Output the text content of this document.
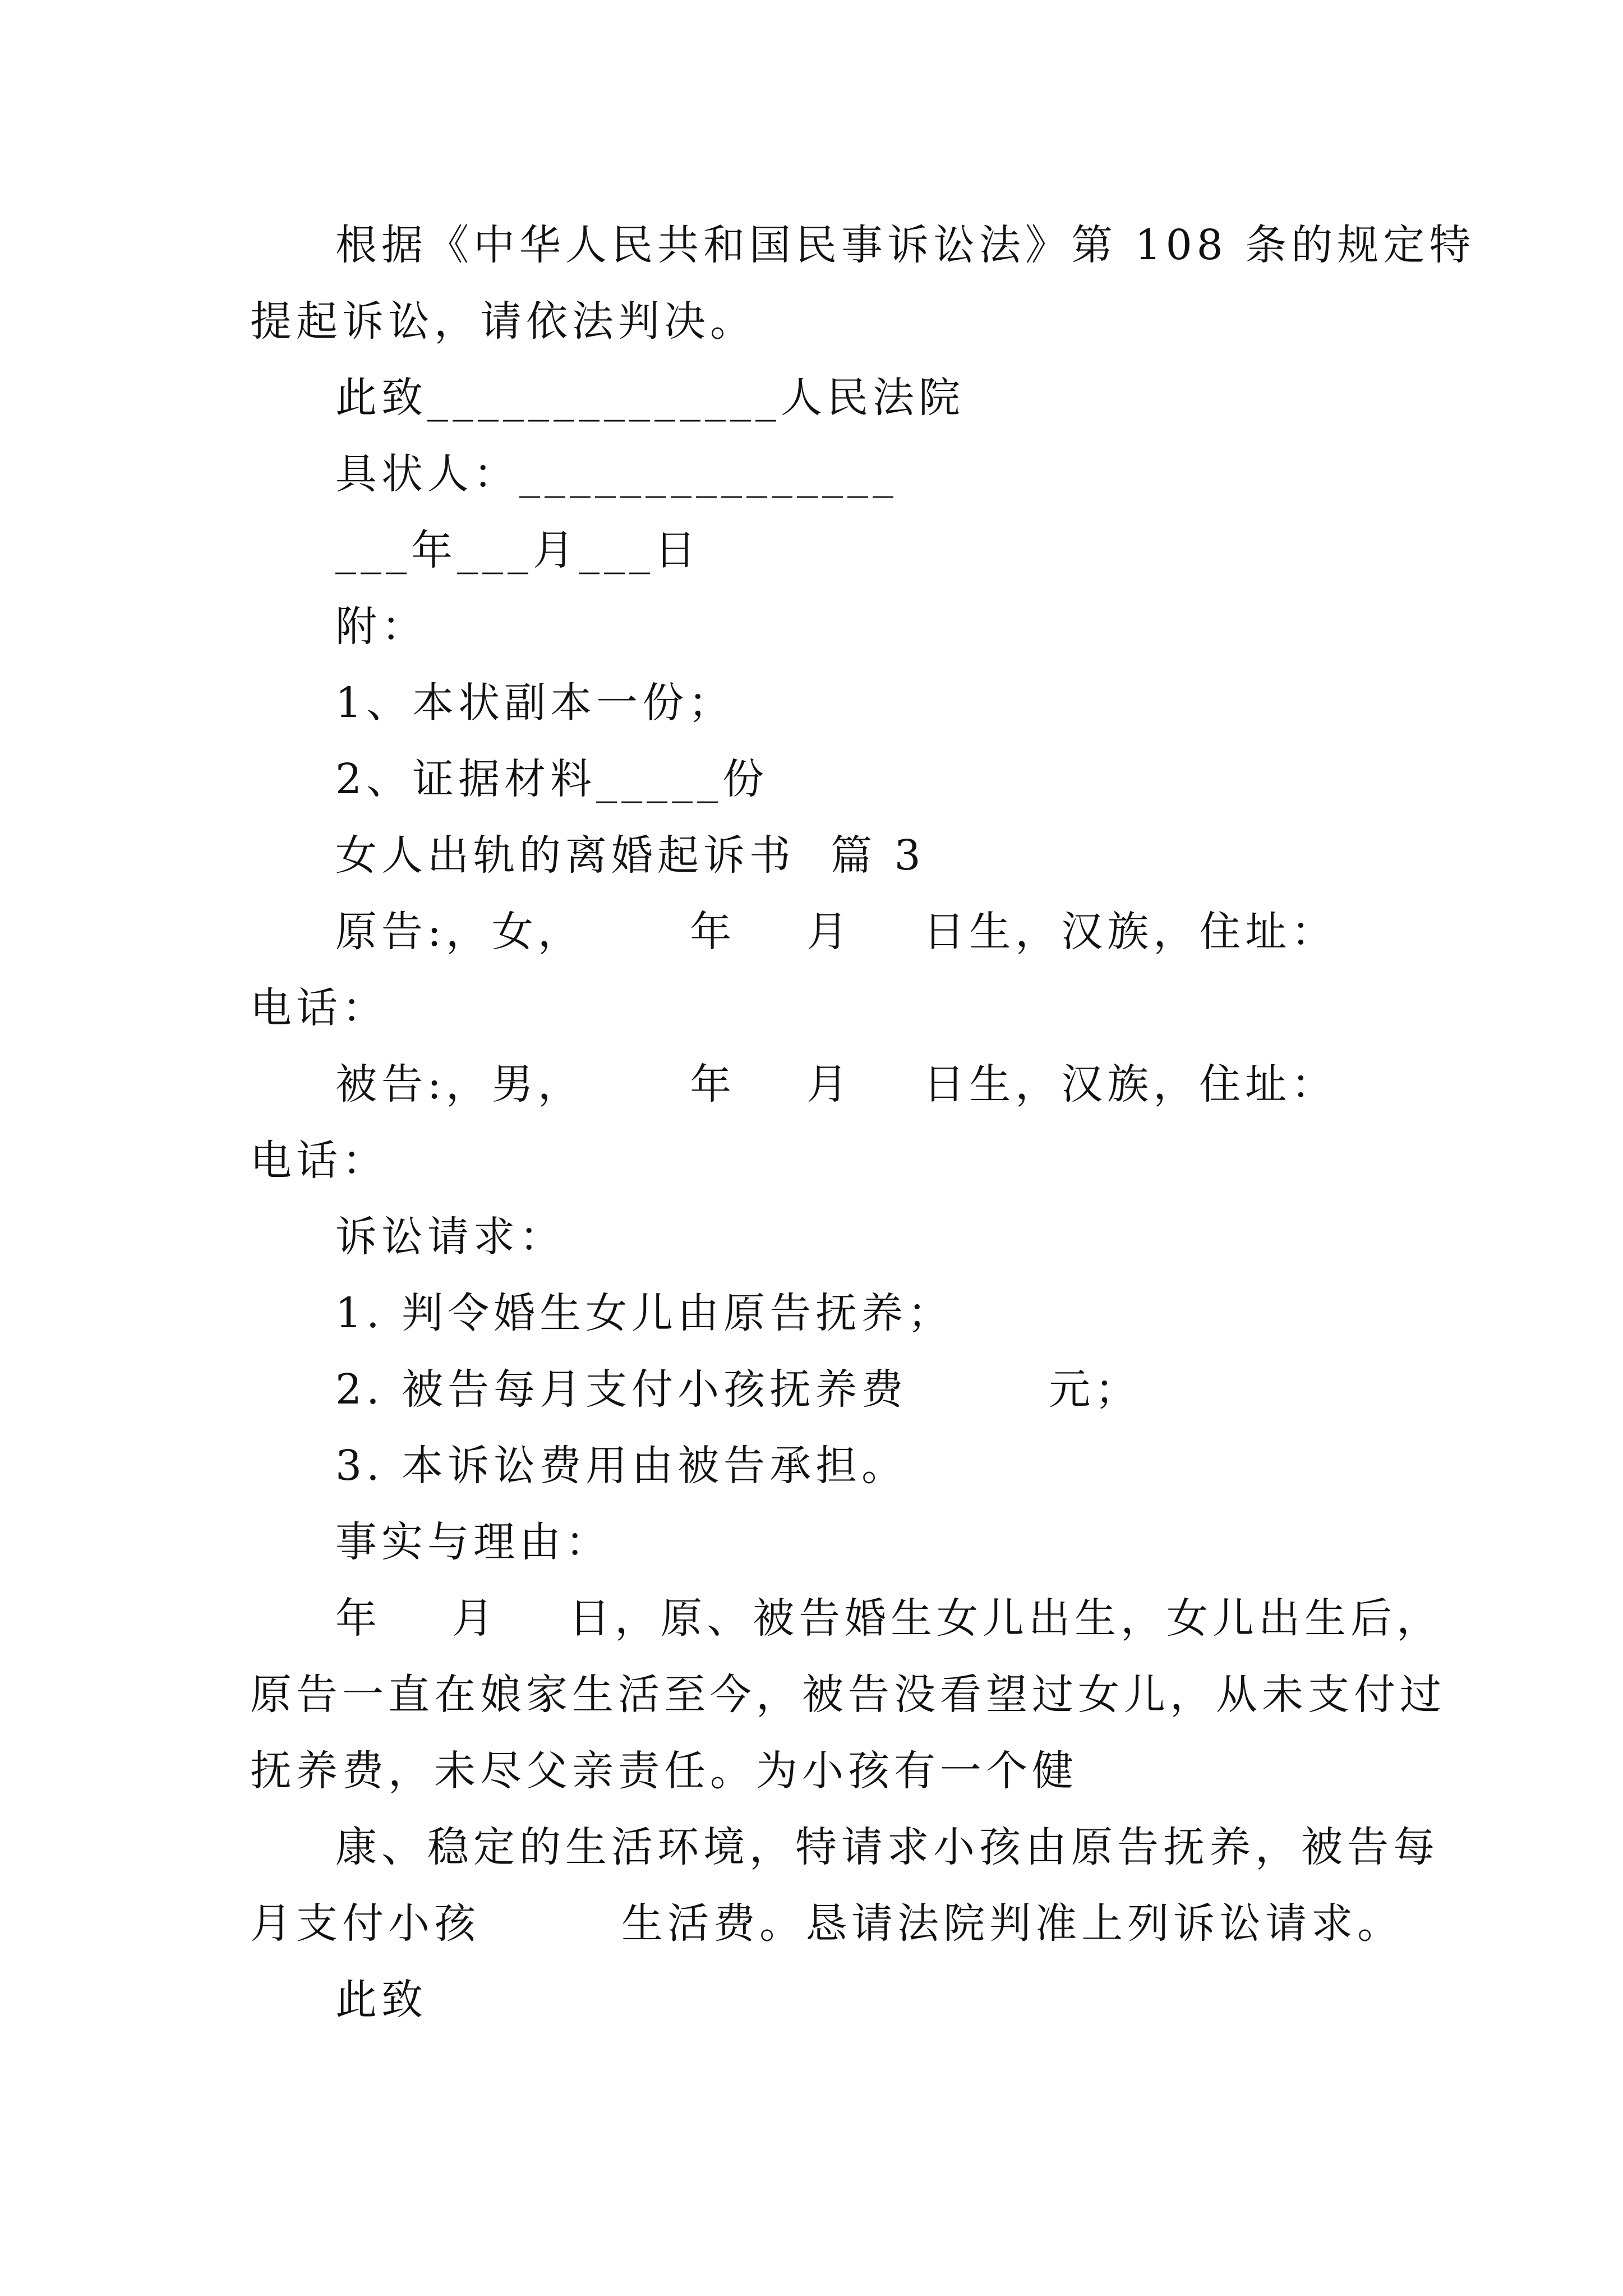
根据《中华人民共和国民事诉讼法》第 108 条的规定特
提起诉讼，请依法判决。
此致______________人民法院
具状人：_______________
___年___月___日
附：
1、本状副本一份；
2、证据材料_____份
女人出轨的离婚起诉书  篇 3
原告:，女，      年    月    日生，汉族，住址：
电话：
被告:，男，      年    月    日生，汉族，住址：
电话：
诉讼请求：
1. 判令婚生女儿由原告抚养；
2. 被告每月支付小孩抚养费        元；
3. 本诉讼费用由被告承担。
事实与理由：
年    月    日，原、被告婚生女儿出生，女儿出生后，
原告一直在娘家生活至今，被告没看望过女儿，从未支付过
抚养费，未尽父亲责任。为小孩有一个健
康、稳定的生活环境，特请求小孩由原告抚养，被告每
月支付小孩        生活费。恳请法院判准上列诉讼请求。
此致
